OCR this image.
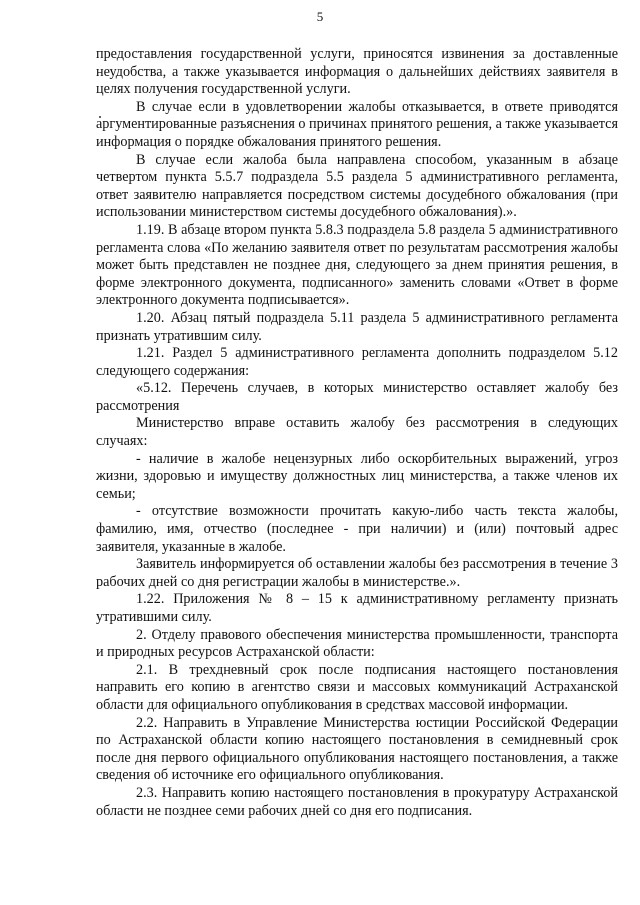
5

предоставления государственной услуги, приносятся извинения за доставленные неудобства, а также указывается информация о дальнейших действиях заявителя в целях получения государственной услуги.

В случае если в удовлетворении жалобы отказывается, в ответе приводятся аргументированные разъяснения о причинах принятого решения, а также указывается информация о порядке обжалования принятого решения.

В случае если жалоба была направлена способом, указанным в абзаце четвертом пункта 5.5.7 подраздела 5.5 раздела 5 административного регламента, ответ заявителю направляется посредством системы досудебного обжалования (при использовании министерством системы досудебного обжалования).».

1.19. В абзаце втором пункта 5.8.3 подраздела 5.8 раздела 5 административного регламента слова «По желанию заявителя ответ по результатам рассмотрения жалобы может быть представлен не позднее дня, следующего за днем принятия решения, в форме электронного документа, подписанного» заменить словами «Ответ в форме электронного документа подписывается».

1.20. Абзац пятый подраздела 5.11 раздела 5 административного регламента признать утратившим силу.

1.21. Раздел 5 административного регламента дополнить подразделом 5.12 следующего содержания:

«5.12. Перечень случаев, в которых министерство оставляет жалобу без рассмотрения

Министерство вправе оставить жалобу без рассмотрения в следующих случаях:

- наличие в жалобе нецензурных либо оскорбительных выражений, угроз жизни, здоровью и имуществу должностных лиц министерства, а также членов их семьи;

- отсутствие возможности прочитать какую-либо часть текста жалобы, фамилию, имя, отчество (последнее - при наличии) и (или) почтовый адрес заявителя, указанные в жалобе.

Заявитель информируется об оставлении жалобы без рассмотрения в течение 3 рабочих дней со дня регистрации жалобы в министерстве.».

1.22. Приложения № 8 – 15 к административному регламенту признать утратившими силу.

2. Отделу правового обеспечения министерства промышленности, транспорта и природных ресурсов Астраханской области:

2.1. В трехдневный срок после подписания настоящего постановления направить его копию в агентство связи и массовых коммуникаций Астраханской области для официального опубликования в средствах массовой информации.

2.2. Направить в Управление Министерства юстиции Российской Федерации по Астраханской области копию настоящего постановления в семидневный срок после дня первого официального опубликования настоящего постановления, а также сведения об источнике его официального опубликования.

2.3. Направить копию настоящего постановления в прокуратуру Астраханской области не позднее семи рабочих дней со дня его подписания.
